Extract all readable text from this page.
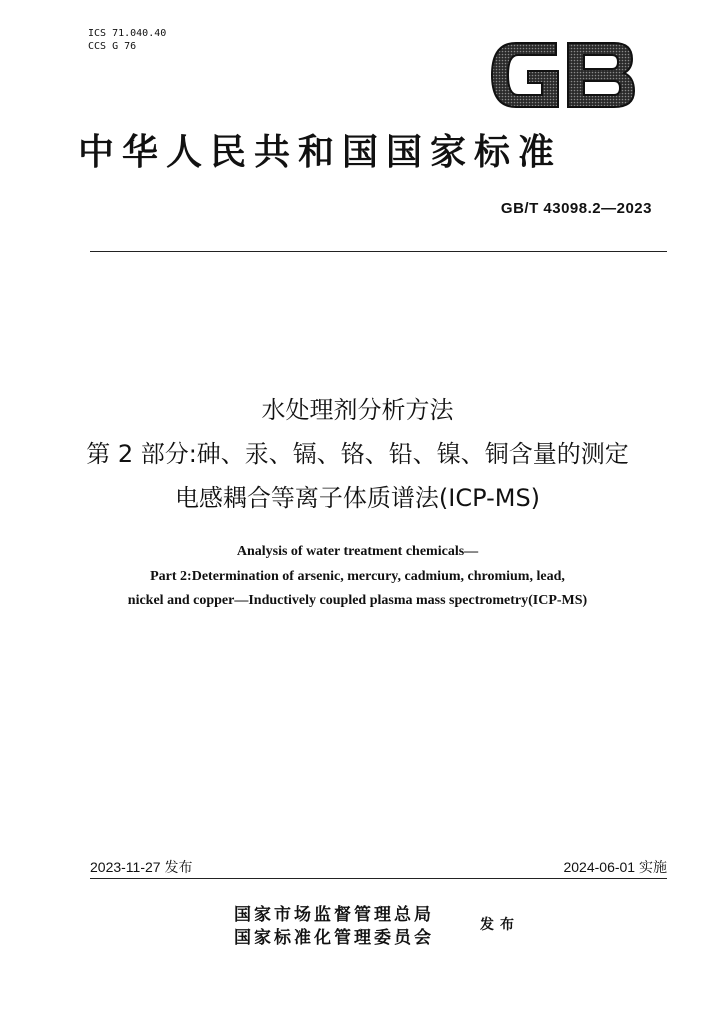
ICS 71.040.40
CCS G 76
中华人民共和国国家标准
GB/T 43098.2—2023
水处理剂分析方法
第 2 部分:砷、汞、镉、铬、铅、镍、铜含量的测定
电感耦合等离子体质谱法(ICP-MS)
Analysis of water treatment chemicals—
Part 2:Determination of arsenic, mercury, cadmium, chromium, lead,
nickel and copper—Inductively coupled plasma mass spectrometry(ICP-MS)
2023-11-27 发布	2024-06-01 实施
国家市场监督管理总局
国家标准化管理委员会
发布
